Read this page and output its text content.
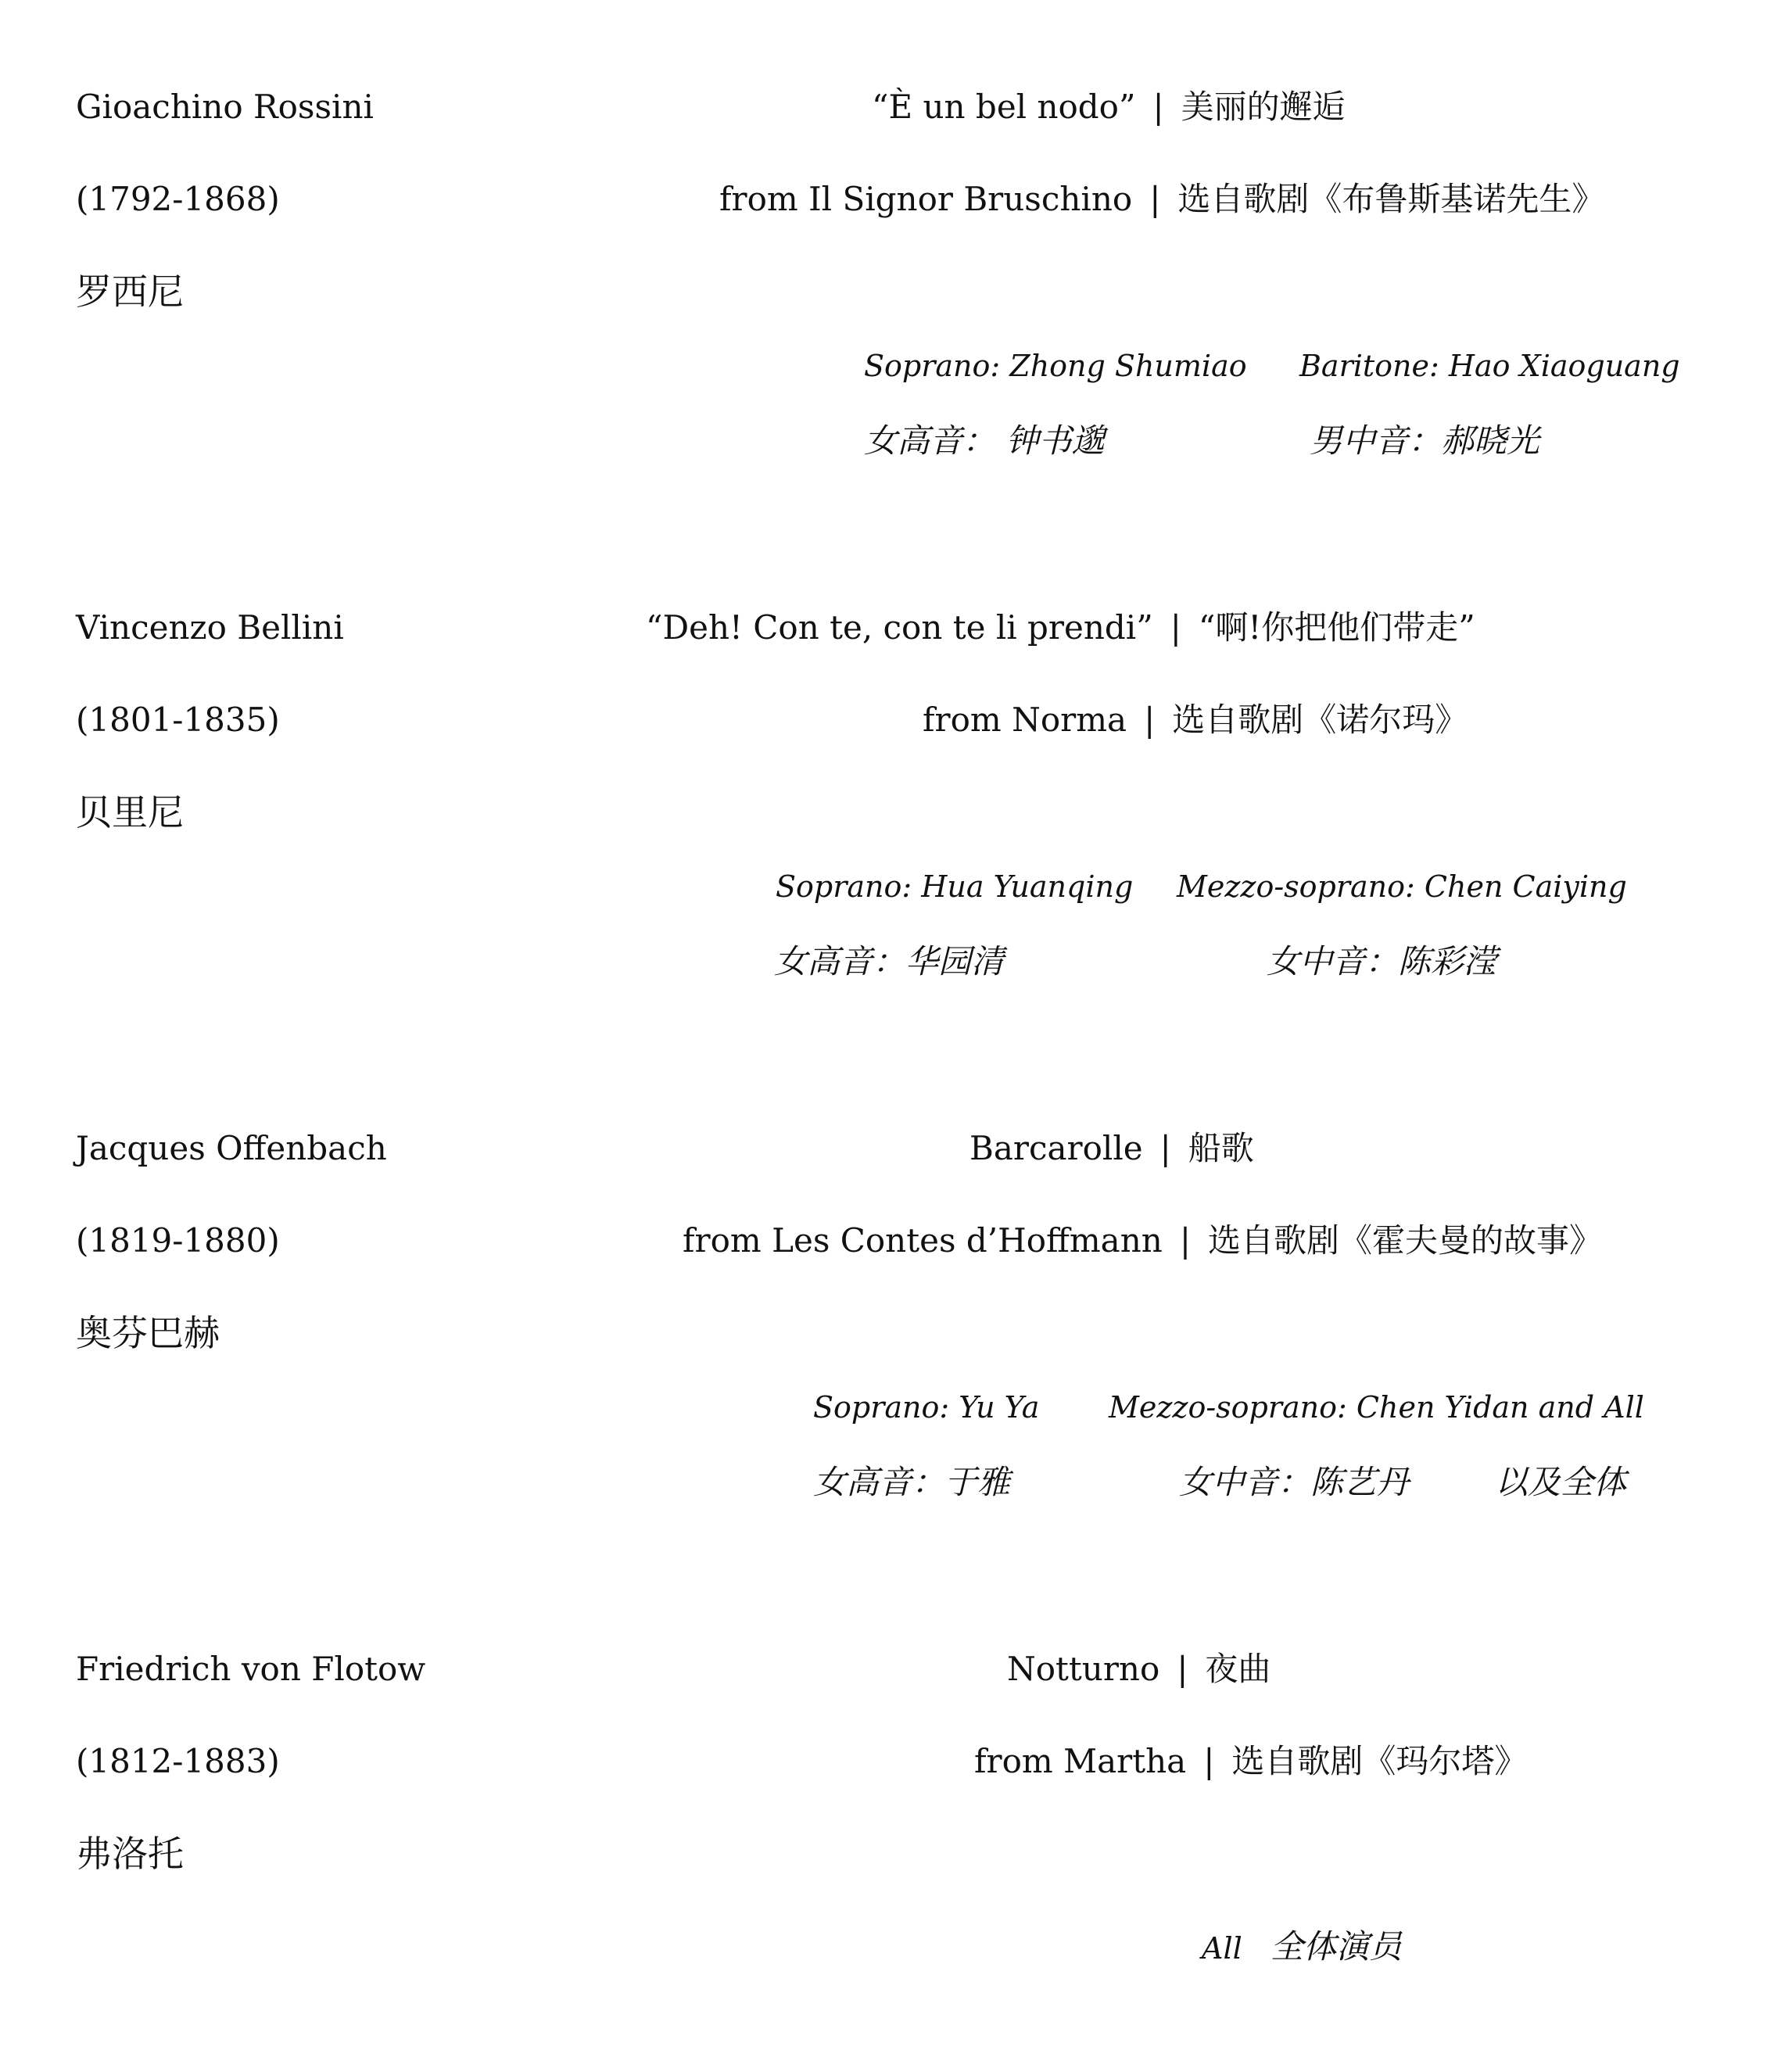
Gioachino Rossini
(1792-1868)
罗西尼
“È un bel nodo” | 美丽的邂逅
from Il Signor Bruschino | 选自歌剧《布鲁斯基诺先生》
Soprano: Zhong Shumiao Baritone: Hao Xiaoguang
女高音： 钟书邈	男中音：郝晓光
Vincenzo Bellini
(1801-1835)
贝里尼
“Deh! Con te, con te li prendi” | “啊!你把他们带走”
from Norma | 选自歌剧《诺尔玛》
Soprano: Hua Yuanqing Mezzo-soprano: Chen Caiying
女高音：华园清	女中音：陈彩滢
Jacques Offenbach
(1819-1880)
奥芬巴赫
Barcarolle | 船歌
from Les Contes d’Hoffmann | 选自歌剧《霍夫曼的故事》
Soprano: Yu Ya Mezzo-soprano: Chen Yidan and All
女高音：于雅	女中音：陈艺丹	以及全体
Friedrich von Flotow
(1812-1883)
弗洛托
Notturno | 夜曲
from Martha | 选自歌剧《玛尔塔》
All 全体演员
